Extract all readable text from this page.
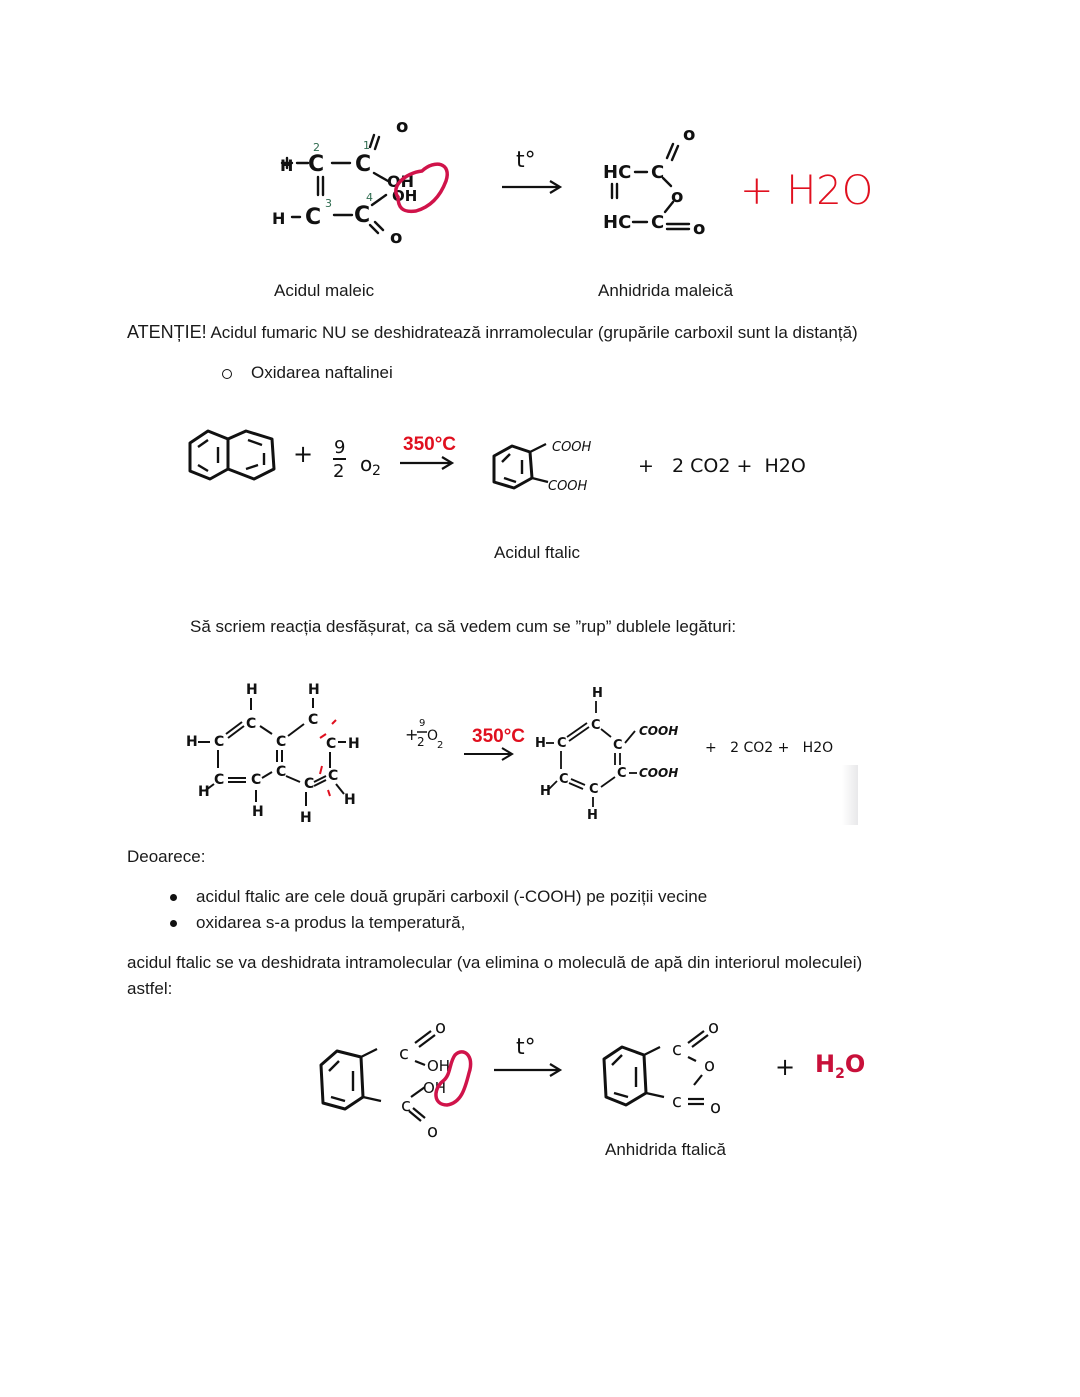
H C C
H C C
o
OH
OH
o
2	1
3	4
t°	HC C
HC C
o
o
o
+ H2O
Acidul maleic	Anhidrida maleică
ATENȚIE! Acidul fumaric NU se deshidratează inrramolecular (grupările carboxil sunt la distanță)
Oxidarea naftalinei
+ 9
2 o 2
350°C	COOH
COOH
+   2 CO2 +  H2O
Acidul ftalic
Să scriem reacția desfășurat, ca să vedem cum se ”rup” dublele legături:
H	H
C	C
H C	C	C H
C C C
C C
H
H	H
H
+
9
2 O
2 350°C
H
C
H C	C
COOH
C
C
C COOH
H
H
+   2 CO2 +   H2O
Deoarece:
acidul ftalic are cele două grupări carboxil (-COOH) pe poziții vecine
oxidarea s-a produs la temperatură,
acidul ftalic se va deshidrata intramolecular (va elimina o moleculă de apă din interiorul moleculei)
astfel:
c
c
o
OH
OH
o
t°	c
c
o
o
o
+ $H_2O$
Anhidrida ftalică
